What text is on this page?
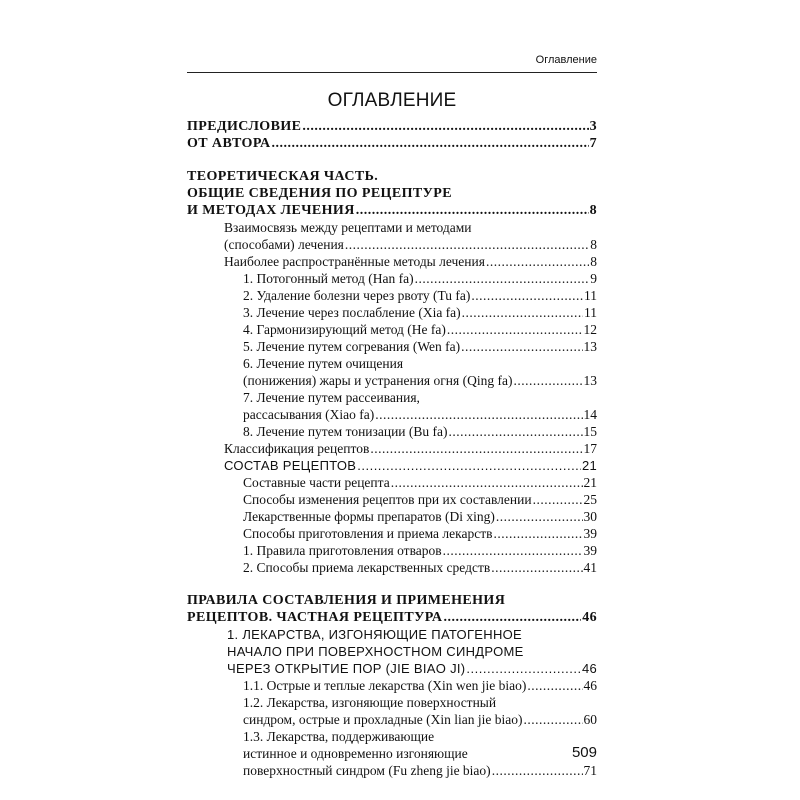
Оглавление
ОГЛАВЛЕНИЕ
ПРЕДИСЛОВИЕ .....	3
ОТ АВТОРА .....	7
ТЕОРЕТИЧЕСКАЯ ЧАСТЬ.
ОБЩИЕ СВЕДЕНИЯ ПО РЕЦЕПТУРЕ
И МЕТОДАХ ЛЕЧЕНИЯ .....	8
Взаимосвязь между рецептами и методами
(способами) лечения .....	8
Наиболее распространённые методы лечения .....	8
1. Потогонный метод (Han fa) .....	9
2. Удаление болезни через рвоту (Tu fa) .....	11
3. Лечение через послабление (Xia fa) .....	11
4. Гармонизирующий метод (He fa) .....	12
5. Лечение путем согревания (Wen fa) .....	13
6. Лечение путем очищения
(понижения) жары и устранения огня (Qing fa) .....	13
7. Лечение путем рассеивания,
рассасывания (Xiao fa) .....	14
8. Лечение путем тонизации (Bu fa) .....	15
Классификация рецептов .....	17
СОСТАВ РЕЦЕПТОВ .....	21
Составные части рецепта .....	21
Способы изменения рецептов при их составлении .....	25
Лекарственные формы препаратов (Di xing) .....	30
Способы приготовления и приема лекарств .....	39
1. Правила приготовления отваров .....	39
2. Способы приема лекарственных средств .....	41
ПРАВИЛА СОСТАВЛЕНИЯ И ПРИМЕНЕНИЯ
РЕЦЕПТОВ. ЧАСТНАЯ РЕЦЕПТУРА .....	46
1. ЛЕКАРСТВА, ИЗГОНЯЮЩИЕ ПАТОГЕННОЕ
НАЧАЛО ПРИ ПОВЕРХНОСТНОМ СИНДРОМЕ
ЧЕРЕЗ ОТКРЫТИЕ ПОР (JIE BIAO JI) .....	46
1.1. Острые и теплые лекарства (Xin wen jie biao) .....	46
1.2. Лекарства, изгоняющие поверхностный
синдром, острые и прохладные (Xin lian jie biao) .....	60
1.3. Лекарства, поддерживающие
истинное и одновременно изгоняющие
поверхностный синдром (Fu zheng jie biao) .....	71
509
